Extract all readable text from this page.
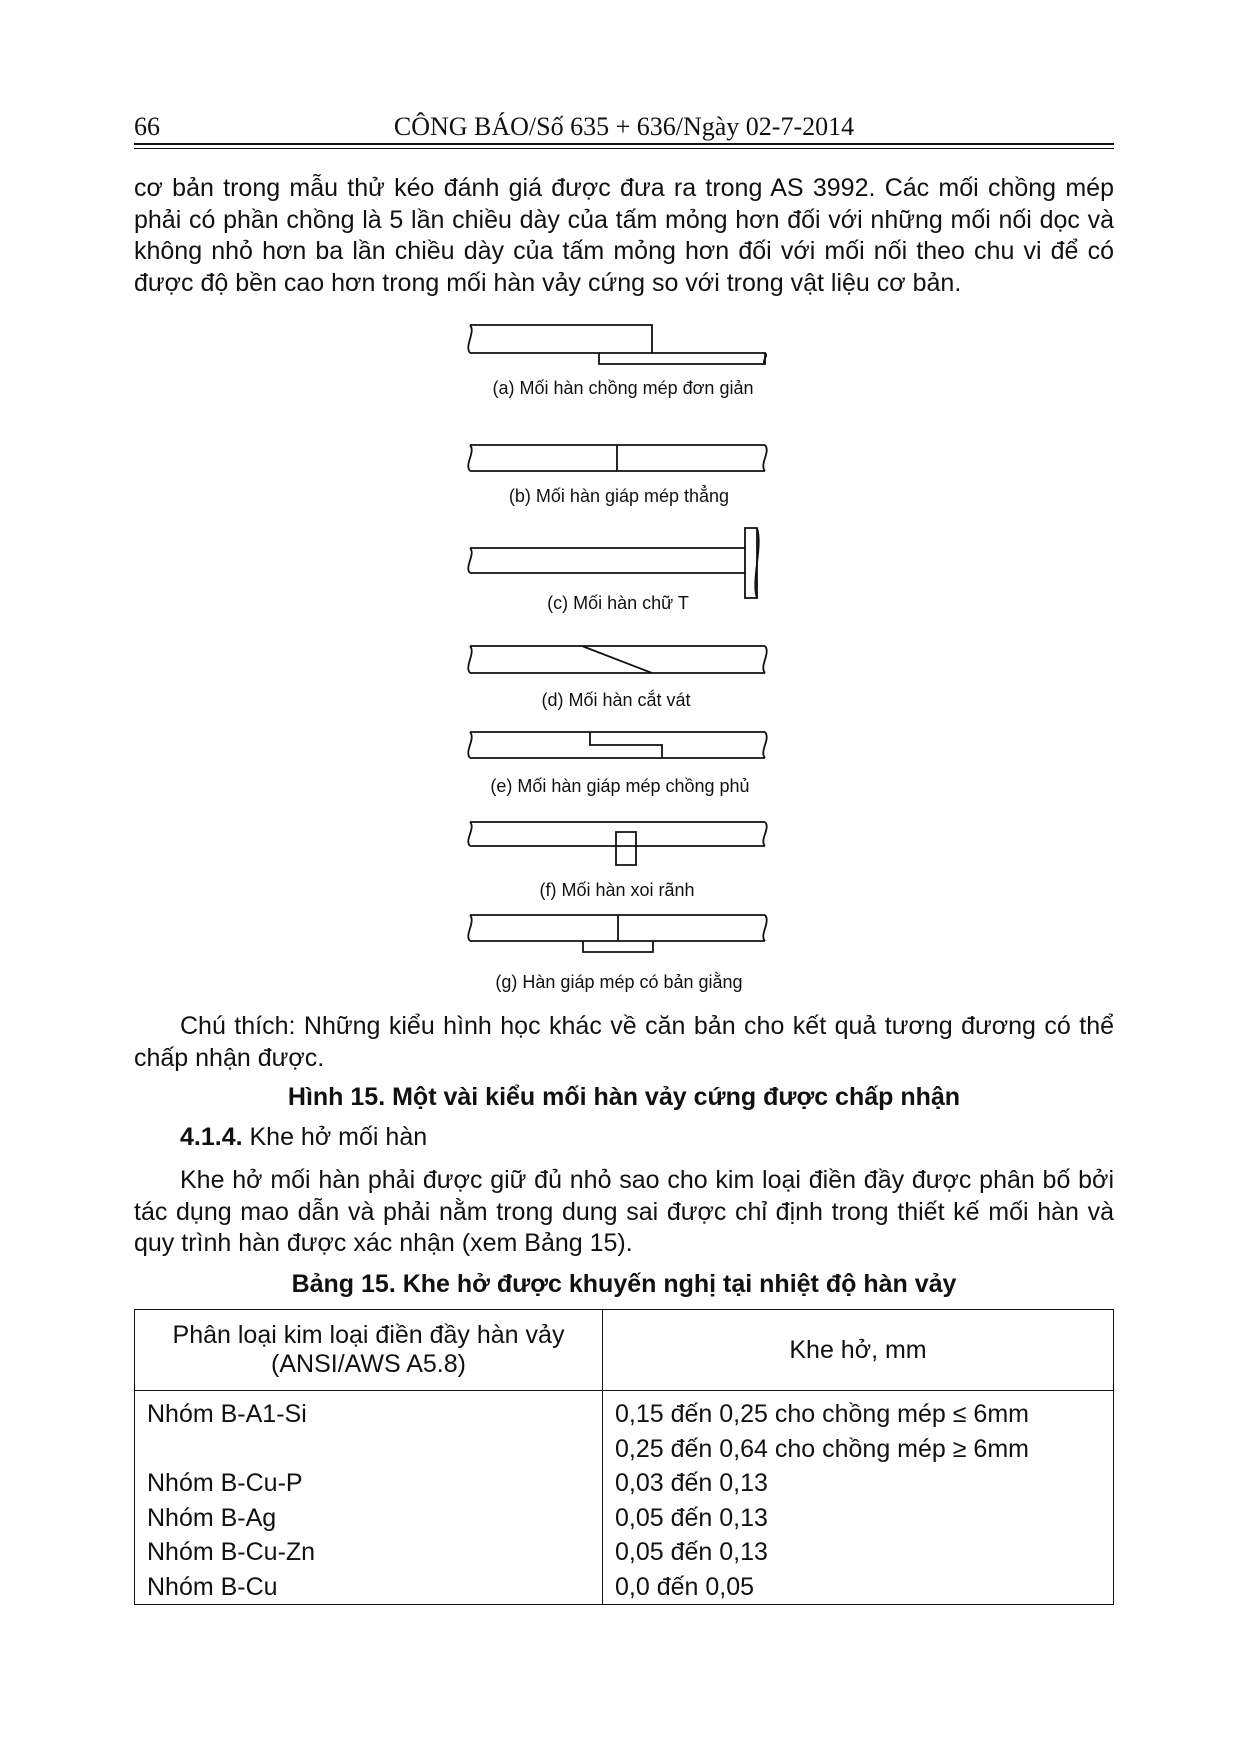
66	CÔNG BÁO/Số 635 + 636/Ngày 02-7-2014

cơ bản trong mẫu thử kéo đánh giá được đưa ra trong AS 3992. Các mối chồng mép phải có phần chồng là 5 lần chiều dày của tấm mỏng hơn đối với những mối nối dọc và không nhỏ hơn ba lần chiều dày của tấm mỏng hơn đối với mối nối theo chu vi để có được độ bền cao hơn trong mối hàn vảy cứng so với trong vật liệu cơ bản.

(a) Mối hàn chồng mép đơn giản
(b) Mối hàn giáp mép thẳng
(c) Mối hàn chữ T
(d) Mối hàn cắt vát
(e) Mối hàn giáp mép chồng phủ
(f) Mối hàn xoi rãnh
(g) Hàn giáp mép có bản giằng

Chú thích: Những kiểu hình học khác về căn bản cho kết quả tương đương có thể chấp nhận được.

Hình 15. Một vài kiểu mối hàn vảy cứng được chấp nhận
4.1.4. Khe hở mối hàn

Khe hở mối hàn phải được giữ đủ nhỏ sao cho kim loại điền đầy được phân bố bởi tác dụng mao dẫn và phải nằm trong dung sai được chỉ định trong thiết kế mối hàn và quy trình hàn được xác nhận (xem Bảng 15).

Bảng 15. Khe hở được khuyến nghị tại nhiệt độ hàn vảy
Phân loại kim loại điền đầy hàn vảy
(ANSI/AWS A5.8)	Khe hở, mm
Nhóm B-A1-Si	0,15 đến 0,25 cho chồng mép ≤ 6mm
	0,25 đến 0,64 cho chồng mép ≥ 6mm
Nhóm B-Cu-P	0,03 đến 0,13
Nhóm B-Ag	0,05 đến 0,13
Nhóm B-Cu-Zn	0,05 đến 0,13
Nhóm B-Cu	0,0 đến 0,05
